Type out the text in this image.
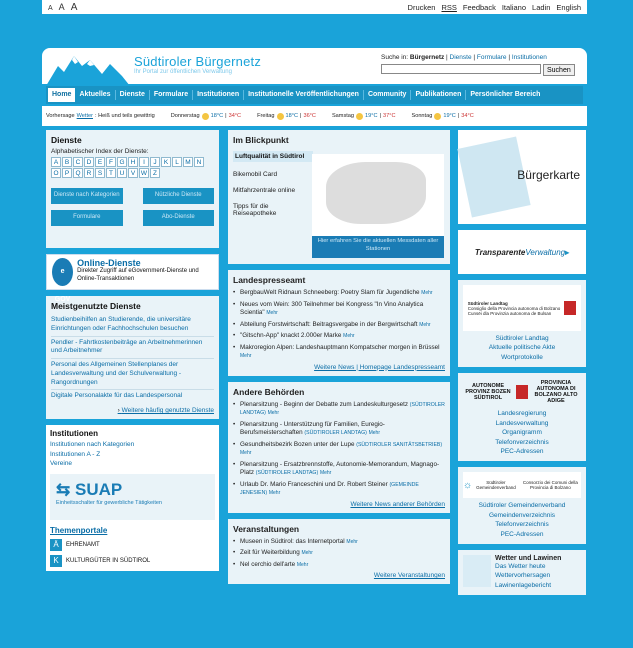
A A A	Drucken RSS Feedback Italiano Ladin English
Südtiroler Bürgernetz
Ihr Portal zur öffentlichen Verwaltung
Suche in: Bürgernetz | Dienste | Formulare | Institutionen
Suchen
Home	Aktuelles	Dienste	Formulare	Institutionen	Institutionelle Veröffentlichungen	Community	Publikationen	Persönlicher Bereich
Vorhersage Wetter : Heiß und teils gewittrig	Donnerstag 18°C | 34°C	Freitag 18°C | 36°C	Samstag 19°C | 37°C	Sonntag 19°C | 34°C
Dienste
Alphabetischer Index der Dienste:
A	B C D E	F G H	I	J	K	L M N
O P Q R S	T	U V W Z
Dienste nach Kategorien	Nützliche Dienste
Formulare	Abo-Dienste
e GOV
Online-Dienste
Direkter Zugriff auf eGovernment-Dienste und Online-Transaktionen
Meistgenutzte Dienste
Studienbeihilfen an Studierende, die universitäre Einrichtungen oder Fachhochschulen besuchen
Pendler - Fahrtkostenbeiträge an Arbeitnehmerinnen und Arbeitnehmer
Personal des Allgemeinen Stellenplanes der Landesverwaltung und der Schulverwaltung - Rangordnungen
Digitale Personalakte für das Landespersonal
› Weitere häufig genutzte Dienste
Institutionen
Institutionen nach Kategorien
Institutionen A - Z
Vereine
⇆ SUAP
Einheitsschalter für gewerbliche Tätigkeiten
Themenportale
Ä	EHRENAMT
K	KULTURGÜTER IN SÜDTIROL
Im Blickpunkt
Luftqualität in Südtirol
Bikemobil Card
Mitfahrzentrale online
Tipps für die Reiseapotheke
Hier erfahren Sie die aktuellen Messdaten aller Stationen
Landespresseamt
• BergbauWelt Ridnaun Schneeberg: Poetry Slam für Jugendliche Mehr
• Neues vom Wein: 300 Teilnehmer bei Kongress "In Vino Analytica Scientia" Mehr
• Abteilung Forstwirtschaft: Beitragsvergabe in der Bergwirtschaft Mehr
• "Gitschn-App" knackt 2.000er Marke Mehr
• Makroregion Alpen: Landeshauptmann Kompatscher morgen in Brüssel Mehr
Weitere News | Homepage Landespresseamt
Andere Behörden
• Plenarsitzung - Beginn der Debatte zum Landeskulturgesetz (SÜDTIROLER LANDTAG) Mehr
• Plenarsitzung - Unterstützung für Familien, Euregio-Berufsmeisterschaften (SÜDTIROLER LANDTAG) Mehr
• Gesundheitsbezirk Bozen unter der Lupe (SÜDTIROLER SANITÄTSBETRIEB) Mehr
• Plenarsitzung - Ersatzbrennstoffe, Autonomie-Memorandum, Magnago-Platz (SÜDTIROLER LANDTAG) Mehr
• Urlaub Dr. Mario Franceschini und Dr. Robert Steiner (GEMEINDE JENESIEN) Mehr
Weitere News anderer Behörden
Veranstaltungen
• Museen in Südtirol: das Internetportal Mehr
• Zeit für Weiterbildung Mehr
• Nel cerchio dell'arte Mehr
Weitere Veranstaltungen
Bürgerkarte
Transparente Verwaltung ▸
Südtiroler Landtag
Consiglio della Provincia autonoma di Bolzano
Cunsëi dla Provinzia autonoma de Bulsan
Südtiroler Landtag
Aktuelle politische Akte
Wortprotokolle
AUTONOME PROVINZ BOZEN SÜDTIROL
PROVINCIA AUTONOMA DI BOLZANO ALTO ADIGE
Landesregierung
Landesverwaltung
Organigramm
Telefonverzeichnis
PEC-Adressen
☼	Südtiroler Gemeindenverband
Consorzio dei Comuni della Provincia di Bolzano
Südtiroler Gemeindenverband
Gemeindenverzeichnis
Telefonverzeichnis
PEC-Adressen
Wetter und Lawinen
Das Wetter heute
Wettervorhersagen
Lawinenlagebericht
